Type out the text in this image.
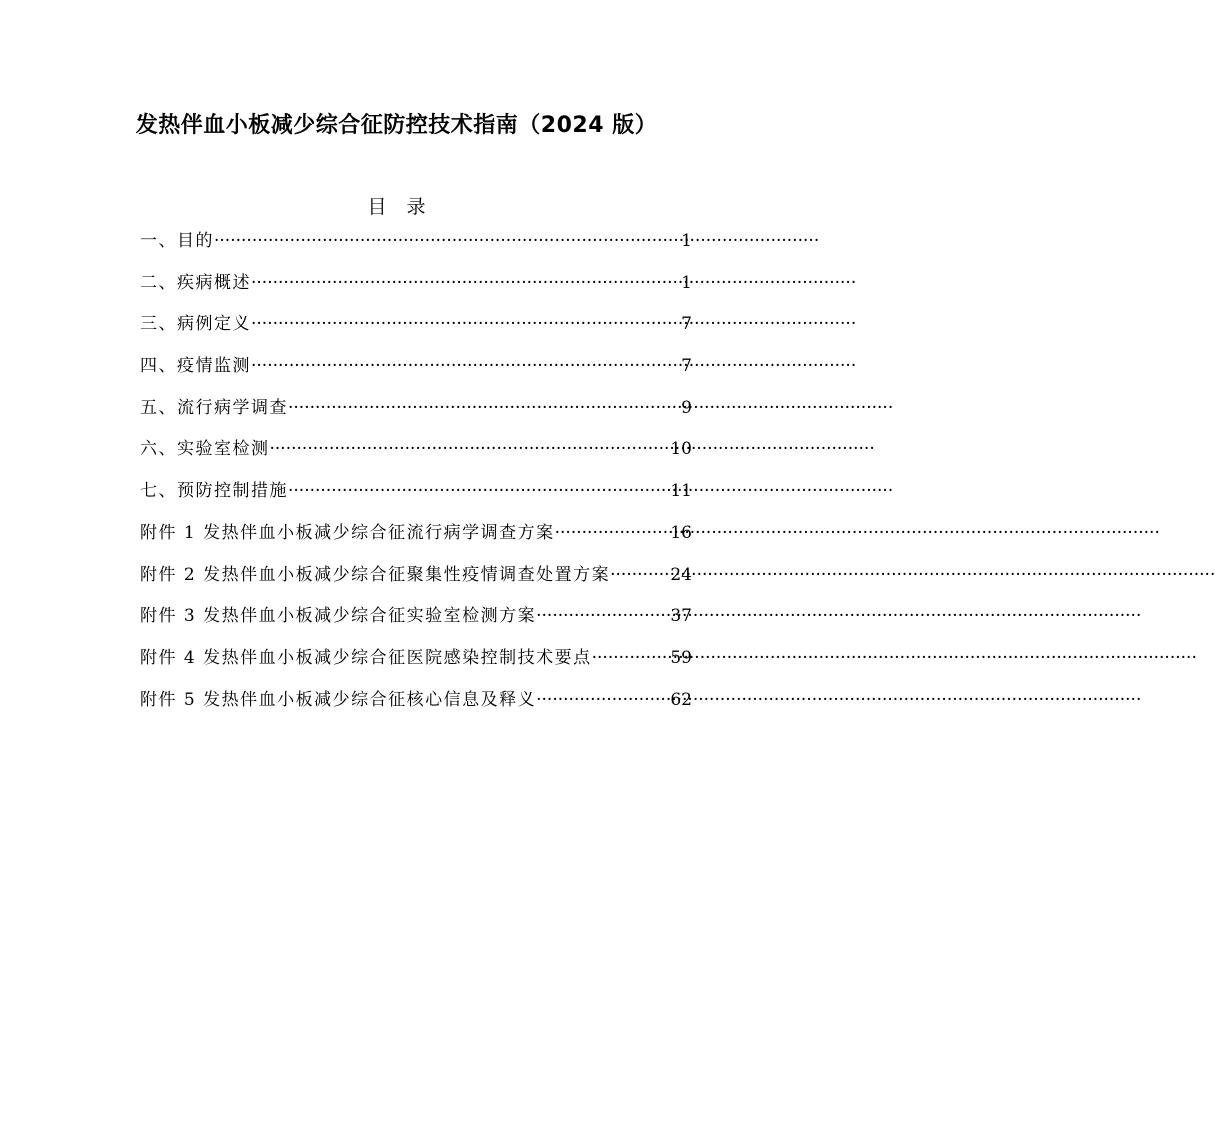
发热伴血小板减少综合征防控技术指南（2024 版）
目 录
一、目的 ·····	1
二、疾病概述 ·····	1
三、病例定义 ·····	7
四、疫情监测 ·····	7
五、流行病学调查 ·····	9
六、实验室检测 ·····	10
七、预防控制措施 ·····	11
附件 1 发热伴血小板减少综合征流行病学调查方案 ·····	16
附件 2 发热伴血小板减少综合征聚集性疫情调查处置方案 ·····	24
附件 3 发热伴血小板减少综合征实验室检测方案 ·····	37
附件 4 发热伴血小板减少综合征医院感染控制技术要点 ·····	59
附件 5 发热伴血小板减少综合征核心信息及释义 ·····	62
